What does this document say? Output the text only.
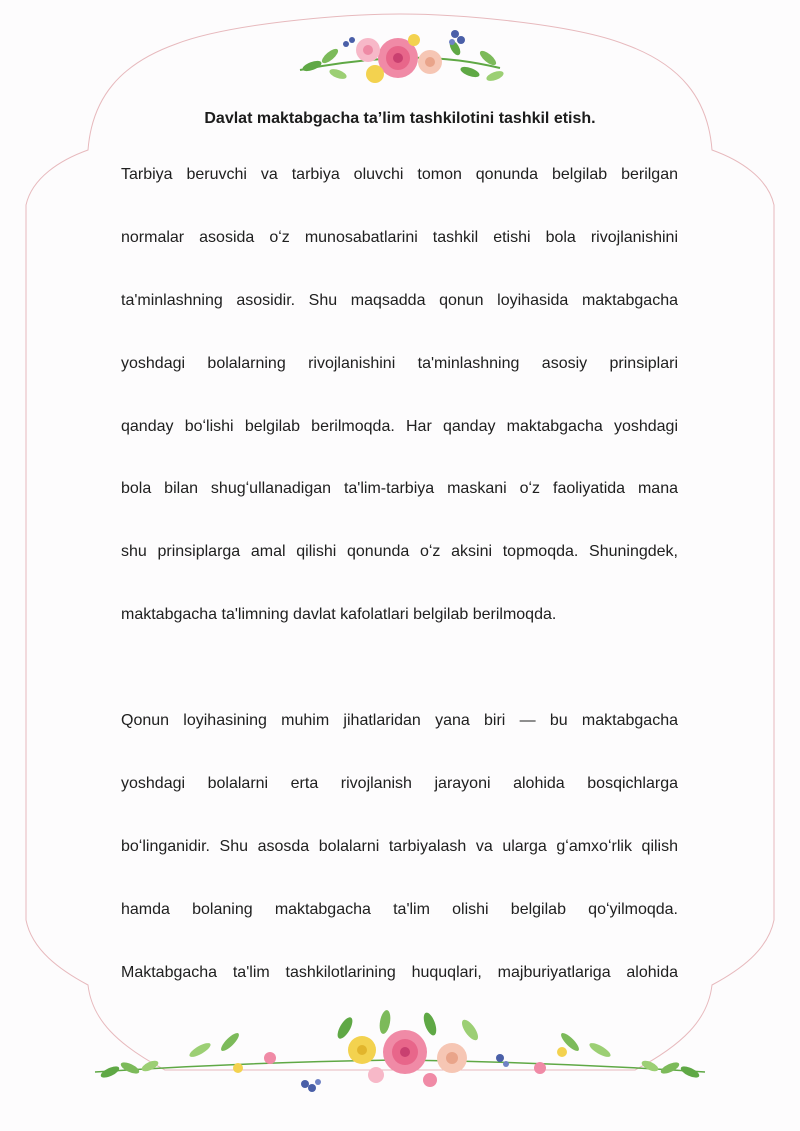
Davlat maktabgacha ta’lim tashkilotini tashkil etish.
Tarbiya beruvchi va tarbiya oluvchi tomon qonunda belgilab berilgan
normalar asosida oʻz munosabatlarini tashkil etishi bola rivojlanishini
ta'minlashning asosidir. Shu maqsadda qonun loyihasida maktabgacha
yoshdagi bolalarning rivojlanishini ta'minlashning asosiy prinsiplari
qanday boʻlishi belgilab berilmoqda. Har qanday maktabgacha yoshdagi
bola bilan shugʻullanadigan ta'lim-tarbiya maskani oʻz faoliyatida mana
shu prinsiplarga amal qilishi qonunda oʻz aksini topmoqda. Shuningdek,
maktabgacha ta'limning davlat kafolatlari belgilab berilmoqda.
Qonun loyihasining muhim jihatlaridan yana biri — bu maktabgacha
yoshdagi bolalarni erta rivojlanish jarayoni alohida bosqichlarga
boʻlinganidir. Shu asosda bolalarni tarbiyalash va ularga gʻamxoʻrlik qilish
hamda bolaning maktabgacha ta'lim olishi belgilab qoʻyilmoqda.
Maktabgacha ta'lim tashkilotlarining huquqlari, majburiyatlariga alohida
